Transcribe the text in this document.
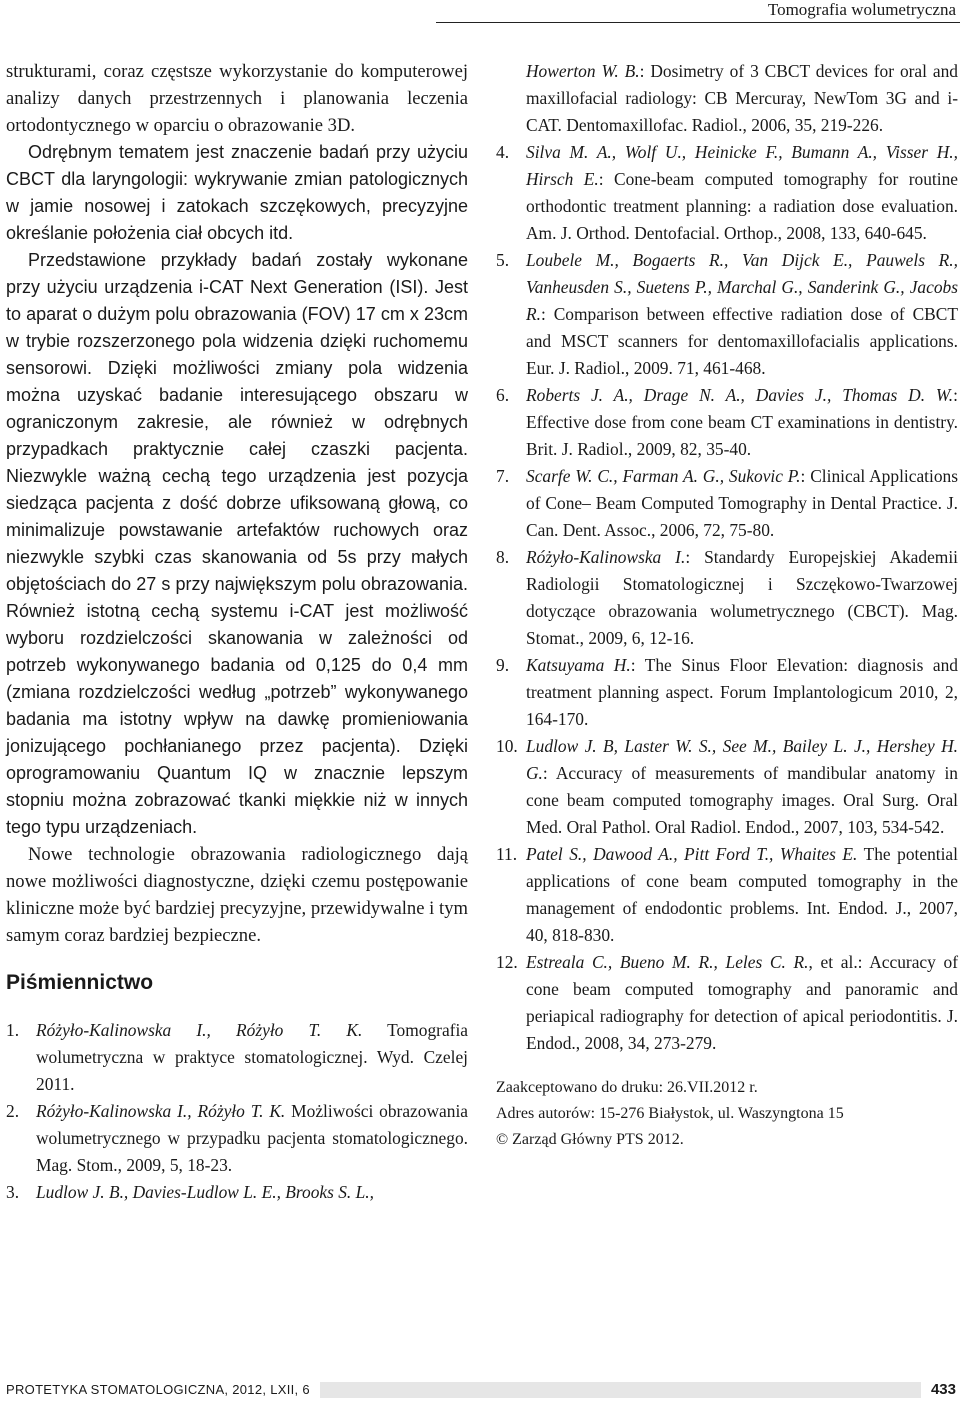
Tomografia wolumetryczna

strukturami, coraz częstsze wykorzystanie do komputerowej analizy danych przestrzennych i planowania leczenia ortodontycznego w oparciu o obrazowanie 3D.

Odrębnym tematem jest znaczenie badań przy użyciu CBCT dla laryngologii: wykrywanie zmian patologicznych w jamie nosowej i zatokach szczękowych, precyzyjne określanie położenia ciał obcych itd.

Przedstawione przykłady badań zostały wykonane przy użyciu urządzenia i-CAT Next Generation (ISI). Jest to aparat o dużym polu obrazowania (FOV) 17 cm x 23cm w trybie rozszerzonego pola widzenia dzięki ruchomemu sensorowi. Dzięki możliwości zmiany pola widzenia można uzyskać badanie interesującego obszaru w ograniczonym zakresie, ale również w odrębnych przypadkach praktycznie całej czaszki pacjenta. Niezwykle ważną cechą tego urządzenia jest pozycja siedząca pacjenta z dość dobrze ufiksowaną głową, co minimalizuje powstawanie artefaktów ruchowych oraz niezwykle szybki czas skanowania od 5s przy małych objętościach do 27 s przy największym polu obrazowania. Również istotną cechą systemu i-CAT jest możliwość wyboru rozdzielczości skanowania w zależności od potrzeb wykonywanego badania od 0,125 do 0,4 mm (zmiana rozdzielczości według „potrzeb” wykonywanego badania ma istotny wpływ na dawkę promieniowania jonizującego pochłanianego przez pacjenta). Dzięki oprogramowaniu Quantum IQ w znacznie lepszym stopniu można zobrazować tkanki miękkie niż w innych tego typu urządzeniach.

Nowe technologie obrazowania radiologicznego dają nowe możliwości diagnostyczne, dzięki czemu postępowanie kliniczne może być bardziej precyzyjne, przewidywalne i tym samym coraz bardziej bezpieczne.

Piśmiennictwo
1. Różyło-Kalinowska I., Różyło T. K. Tomografia wolumetryczna w praktyce stomatologicznej. Wyd. Czelej 2011.
2. Różyło-Kalinowska I., Różyło T. K. Możliwości obrazowania wolumetrycznego w przypadku pacjenta stomatologicznego. Mag. Stom., 2009, 5, 18-23.
3. Ludlow J. B., Davies-Ludlow L. E., Brooks S. L.,
Howerton W. B.: Dosimetry of 3 CBCT devices for oral and maxillofacial radiology: CB Mercuray, NewTom 3G and i-CAT. Dentomaxillofac. Radiol., 2006, 35, 219-226.
4. Silva M. A., Wolf U., Heinicke F., Bumann A., Visser H., Hirsch E.: Cone-beam computed tomography for routine orthodontic treatment planning: a radiation dose evaluation. Am. J. Orthod. Dentofacial. Orthop., 2008, 133, 640-645.
5. Loubele M., Bogaerts R., Van Dijck E., Pauwels R., Vanheusden S., Suetens P., Marchal G., Sanderink G., Jacobs R.: Comparison between effective radiation dose of CBCT and MSCT scanners for dentomaxillofacialis applications. Eur. J. Radiol., 2009. 71, 461-468.
6. Roberts J. A., Drage N. A., Davies J., Thomas D. W.: Effective dose from cone beam CT examinations in dentistry. Brit. J. Radiol., 2009, 82, 35-40.
7. Scarfe W. C., Farman A. G., Sukovic P.: Clinical Applications of Cone– Beam Computed Tomography in Dental Practice. J. Can. Dent. Assoc., 2006, 72, 75-80.
8. Różyło-Kalinowska I.: Standardy Europejskiej Akademii Radiologii Stomatologicznej i Szczękowo-Twarzowej dotyczące obrazowania wolumetrycznego (CBCT). Mag. Stomat., 2009, 6, 12-16.
9. Katsuyama H.: The Sinus Floor Elevation: diagnosis and treatment planning aspect. Forum Implantologicum 2010, 2, 164-170.
10. Ludlow J. B, Laster W. S., See M., Bailey L. J., Hershey H. G.: Accuracy of measurements of mandibular anatomy in cone beam computed tomography images. Oral Surg. Oral Med. Oral Pathol. Oral Radiol. Endod., 2007, 103, 534-542.
11. Patel S., Dawood A., Pitt Ford T., Whaites E. The potential applications of cone beam computed tomography in the management of endodontic problems. Int. Endod. J., 2007, 40, 818-830.
12. Estreala C., Bueno M. R., Leles C. R., et al.: Accuracy of cone beam computed tomography and panoramic and periapical radiography for detection of apical periodontitis. J. Endod., 2008, 34, 273-279.

Zaakceptowano do druku: 26.VII.2012 r.

Adres autorów: 15-276 Białystok, ul. Waszyngtona 15

© Zarząd Główny PTS 2012.

PROTETYKA STOMATOLOGICZNA, 2012, LXII, 6	433
